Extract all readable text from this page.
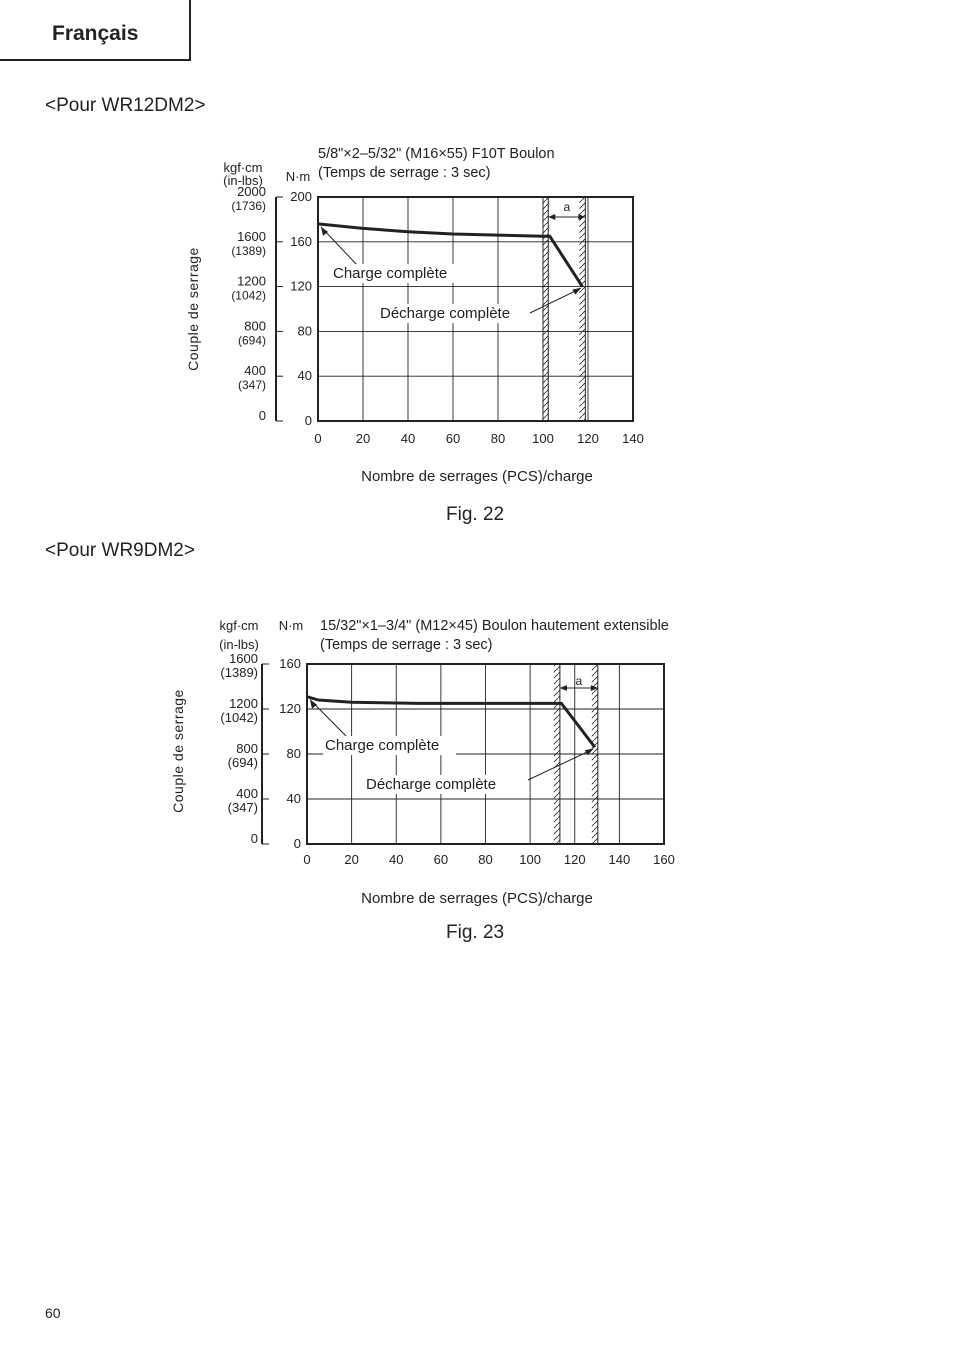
Français
<Pour WR12DM2>
0
400
(347)
800
(694)
1200
(1042)
1600
(1389)
2000
(1736)
0
40
80
120
160
200
0	20 40 60 80 100 120 140
kgf·cm
(in-lbs) N·m
5/8"×2–5/32" (M16×55) F10T Boulon
(Temps de serrage : 3 sec)
Couple de serrage
Nombre de serrages (PCS)/charge
a
Charge complète
Décharge complète
Fig. 22
<Pour WR9DM2>
0
400
(347)
800
(694)
1200
(1042)
1600
(1389)
0
40
80
120
160
0	20 40 60 80 100 120 140 160
kgf·cm
(in-lbs)
N·m 15/32"×1–3/4" (M12×45) Boulon hautement extensible
(Temps de serrage : 3 sec)
Couple de serrage
Nombre de serrages (PCS)/charge
a
Charge complète
Décharge complète
Fig. 23
60
